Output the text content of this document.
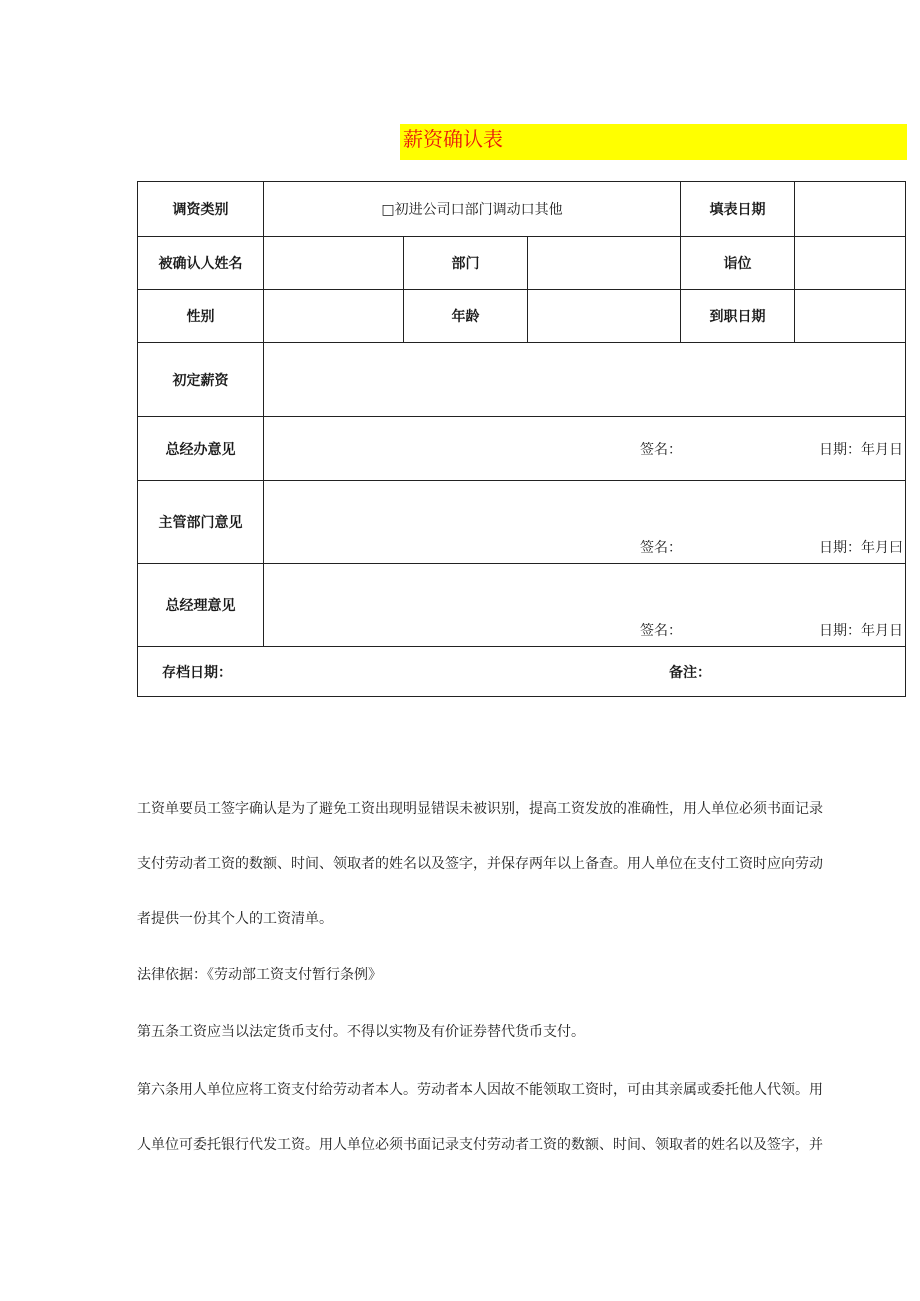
薪资确认表
调资类别	□初进公司口部门调动口其他			填表日期	
被确认人姓名		部门		诣位	
性别		年龄		到职日期	
初定薪资					
总经办意见	签名： 日期：年月日				

主管部门意见	签名： 日期：年月曰				

总经理意见	签名： 日期：年月日				

存档日期： 备注：					

工资单要员工签字确认是为了避免工资出现明显错误未被识别，提高工资发放的准确性，用人单位必须书面记录

支付劳动者工资的数额、时间、领取者的姓名以及签字，并保存两年以上备查。用人单位在支付工资时应向劳动

者提供一份其个人的工资清单。

法律依据：《劳动部工资支付暂行条例》

第五条工资应当以法定货币支付。不得以实物及有价证券替代货币支付。

第六条用人单位应将工资支付给劳动者本人。劳动者本人因故不能领取工资时，可由其亲属或委托他人代领。用

人单位可委托银行代发工资。用人单位必须书面记录支付劳动者工资的数额、时间、领取者的姓名以及签字，并
